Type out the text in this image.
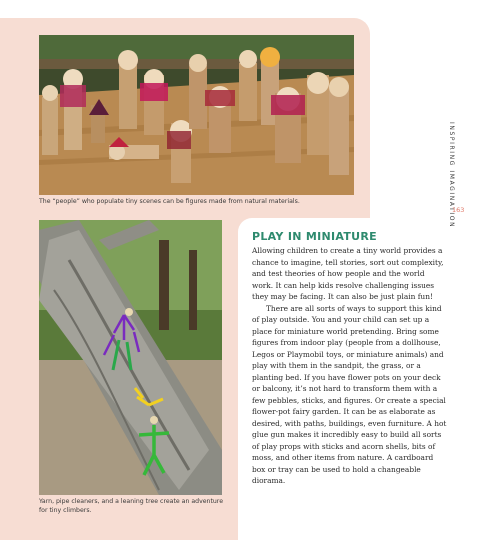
The “people” who populate tiny scenes can be figures made from natural materials.
Yarn, pipe cleaners, and a leaning tree create an adventure for tiny climbers.
INSPIRING IMAGINATION
163
PLAY IN MINIATURE

Allowing children to create a tiny world provides a chance to imagine, tell stories, sort out complexity, and test theories of how people and the world work. It can help kids resolve challenging issues they may be facing. It can also be just plain fun!

There are all sorts of ways to support this kind of play outside. You and your child can set up a place for miniature world pretending. Bring some figures from indoor play (people from a dollhouse, Legos or Playmobil toys, or miniature animals) and play with them in the sandpit, the grass, or a planting bed. If you have flower pots on your deck or balcony, it’s not hard to transform them with a few pebbles, sticks, and figures. Or create a special flower-pot fairy garden. It can be as elaborate as desired, with paths, buildings, even furniture. A hot glue gun makes it incredibly easy to build all sorts of play props with sticks and acorn shells, bits of moss, and other items from nature. A cardboard box or tray can be used to hold a changeable diorama.
